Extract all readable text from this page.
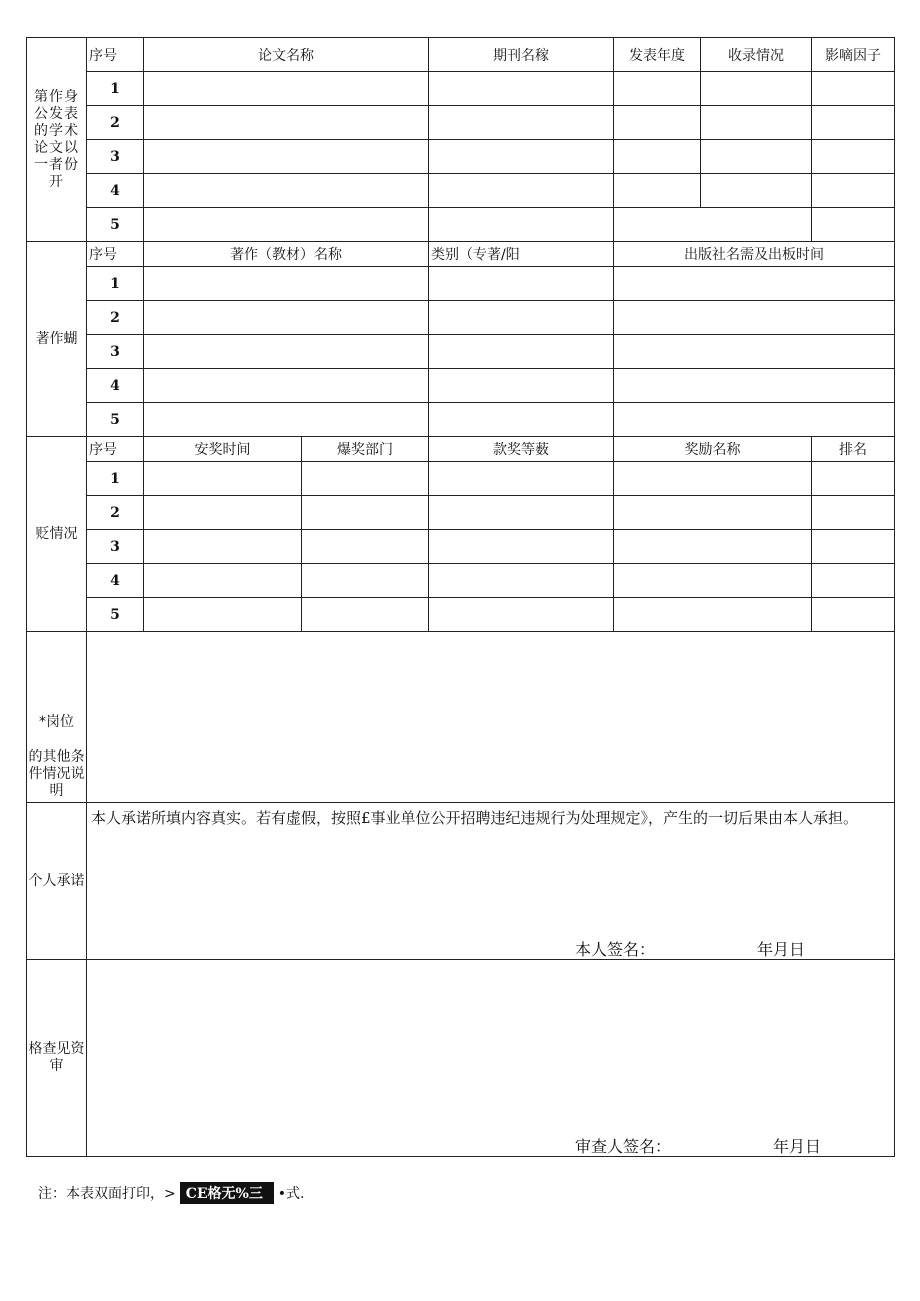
第作身公发表的学术论文以一者份开	序号	论文名称		期刊名稼	发表年度	收录情况	影嘀因子	
	1							
	2							
	3							
	4							
	5							
著作蝴	序号	著作（教材）名称		类别（专著/阳	出版社名需及出板时间	
	1							
	2							
	3							
	4							
	5							
贬情况	序号	安奖时间	爆奖部门	款奖等薮	奖励名称		排名	
	1							
	2							
	3							
	4							
	5							

*岗位
的其他条件情况说明								

个人承诺	本人承诺所填内容真实。若有虚假，按照£事业单位公开招聘违纪违规行为处理规定》，产生的一切后果由本人承担。
本人签名： 年月日							

格查见资审	审查人签名： 年月日							
注：本表双面打印，> CE格无%三	•式.
